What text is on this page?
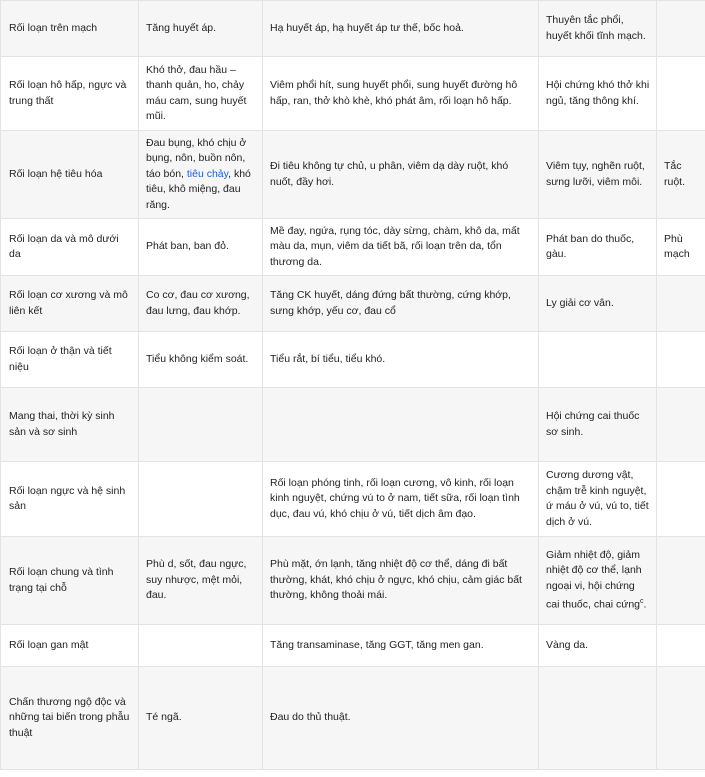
Rối loạn trên mạch	Tăng huyết áp.	Hạ huyết áp, hạ huyết áp tư thế, bốc hoả.	Thuyên tắc phổi, huyết khối tĩnh mạch.	
Rối loạn hô hấp, ngực và trung thất	Khó thở, đau hầu – thanh quản, ho, chảy máu cam, sung huyết mũi.	Viêm phổi hít, sung huyết phổi, sung huyết đường hô hấp, ran, thở khò khè, khó phát âm, rối loạn hô hấp.	Hội chứng khó thở khi ngủ, tăng thông khí.	
Rối loạn hệ tiêu hóa	Đau bụng, khó chịu ở bụng, nôn, buồn nôn, táo bón, tiêu chảy, khó tiêu, khô miệng, đau răng.	Đi tiêu không tự chủ, u phân, viêm dạ dày ruột, khó nuốt, đầy hơi.	Viêm tụy, nghẽn ruột, sưng lưỡi, viêm môi.	Tắc ruột.
Rối loạn da và mô dưới da	Phát ban, ban đỏ.	Mề đay, ngứa, rụng tóc, dày sừng, chàm, khô da, mất màu da, mụn, viêm da tiết bã, rối loạn trên da, tổn thương da.	Phát ban do thuốc, gàu.	Phù mạch
Rối loạn cơ xương và mô liên kết	Co cơ, đau cơ xương, đau lưng, đau khớp.	Tăng CK huyết, dáng đứng bất thường, cứng khớp, sưng khớp, yếu cơ, đau cổ	Ly giải cơ vân.	
Rối loạn ở thận và tiết niệu	Tiểu không kiểm soát.	Tiểu rắt, bí tiểu, tiểu khó.		
Mang thai, thời kỳ sinh sản và sơ sinh			Hội chứng cai thuốc sơ sinh.	
Rối loạn ngực và hệ sinh sản		Rối loạn phóng tinh, rối loạn cương, vô kinh, rối loạn kinh nguyệt, chứng vú to ở nam, tiết sữa, rối loạn tình dục, đau vú, khó chịu ở vú, tiết dịch âm đạo.	Cương dương vật, chậm trễ kinh nguyệt, ứ máu ở vú, vú to, tiết dịch ở vú.	
Rối loạn chung và tình trạng tại chỗ	Phù d, sốt, đau ngực, suy nhược, mệt mỏi, đau.	Phù mặt, ớn lạnh, tăng nhiệt độ cơ thể, dáng đi bất thường, khát, khó chịu ở ngực, khó chịu, cảm giác bất thường, không thoải mái.	Giảm nhiệt độ, giảm nhiệt độ cơ thể, lạnh ngoại vi, hội chứng cai thuốc, chai cứng$^c$.	
Rối loạn gan mật		Tăng transaminase, tăng GGT, tăng men gan.	Vàng da.	
Chấn thương ngộ độc và những tai biến trong phẫu thuật	Té ngã.	Đau do thủ thuật.		
